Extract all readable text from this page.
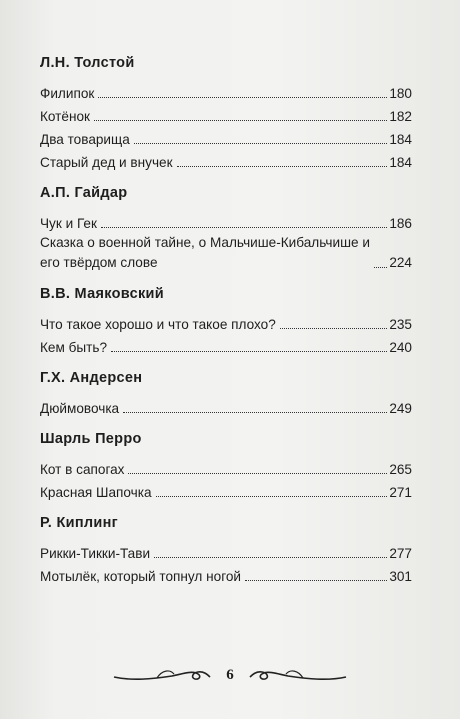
Л.Н. Толстой
Филипок	180
Котёнок	182
Два товарища	184
Старый дед и внучек	184
А.П. Гайдар
Чук и Гек	186
Сказка о военной тайне, о Мальчише-Кибальчише и его твёрдом слове	224
В.В. Маяковский
Что такое хорошо и что такое плохо?	235
Кем быть?	240
Г.Х. Андерсен
Дюймовочка	249
Шарль Перро
Кот в сапогах	265
Красная Шапочка	271
Р. Киплинг
Рикки-Тикки-Тави	277
Мотылёк, который топнул ногой	301
6
